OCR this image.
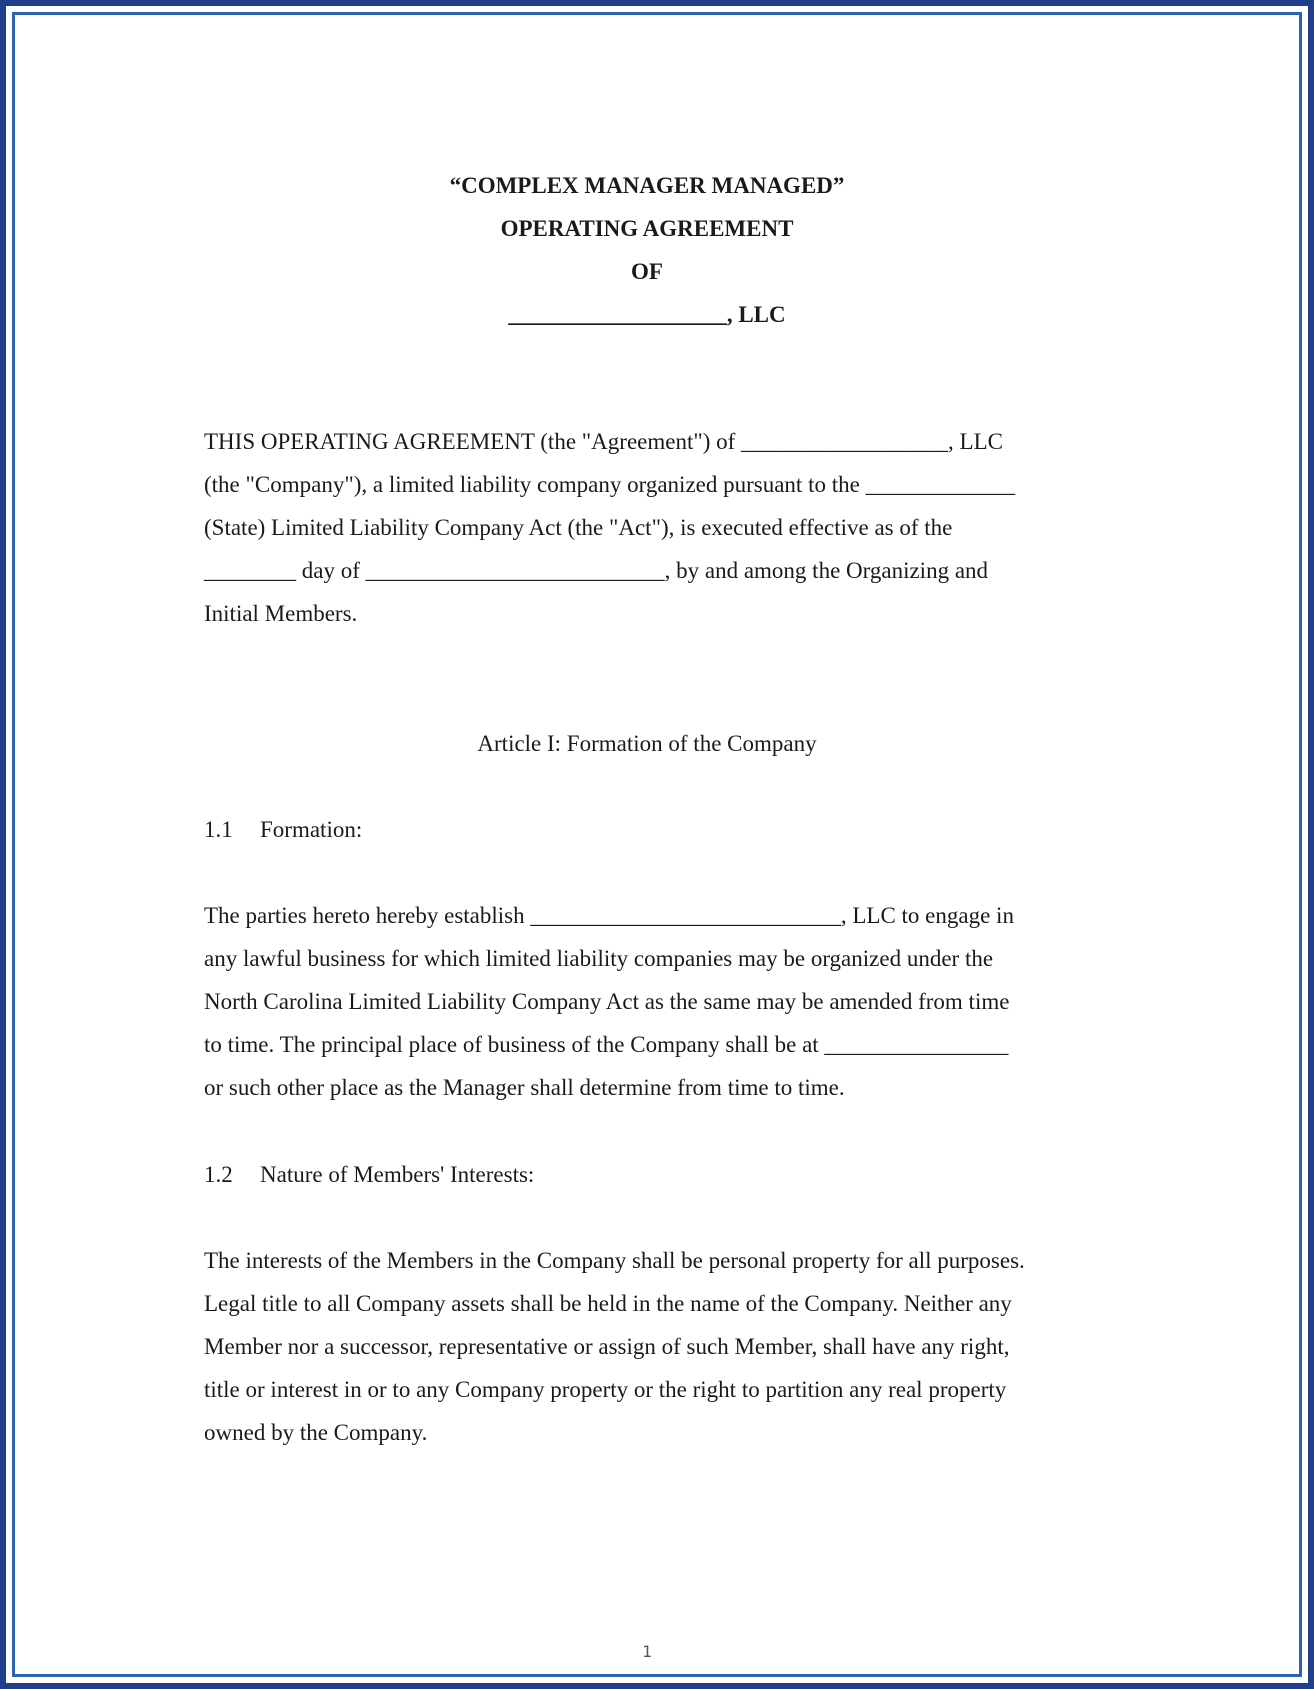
“COMPLEX MANAGER MANAGED”
OPERATING AGREEMENT
OF
___________________, LLC
THIS OPERATING AGREEMENT (the "Agreement") of __________________, LLC
(the "Company"), a limited liability company organized pursuant to the _____________
(State) Limited Liability Company Act (the "Act"), is executed effective as of the
________ day of __________________________, by and among the Organizing and
Initial Members.
Article I: Formation of the Company
1.1 Formation:
The parties hereto hereby establish ___________________________, LLC to engage in
any lawful business for which limited liability companies may be organized under the
North Carolina Limited Liability Company Act as the same may be amended from time
to time. The principal place of business of the Company shall be at ________________
or such other place as the Manager shall determine from time to time.
1.2 Nature of Members' Interests:
The interests of the Members in the Company shall be personal property for all purposes.
Legal title to all Company assets shall be held in the name of the Company. Neither any
Member nor a successor, representative or assign of such Member, shall have any right,
title or interest in or to any Company property or the right to partition any real property
owned by the Company.
1
